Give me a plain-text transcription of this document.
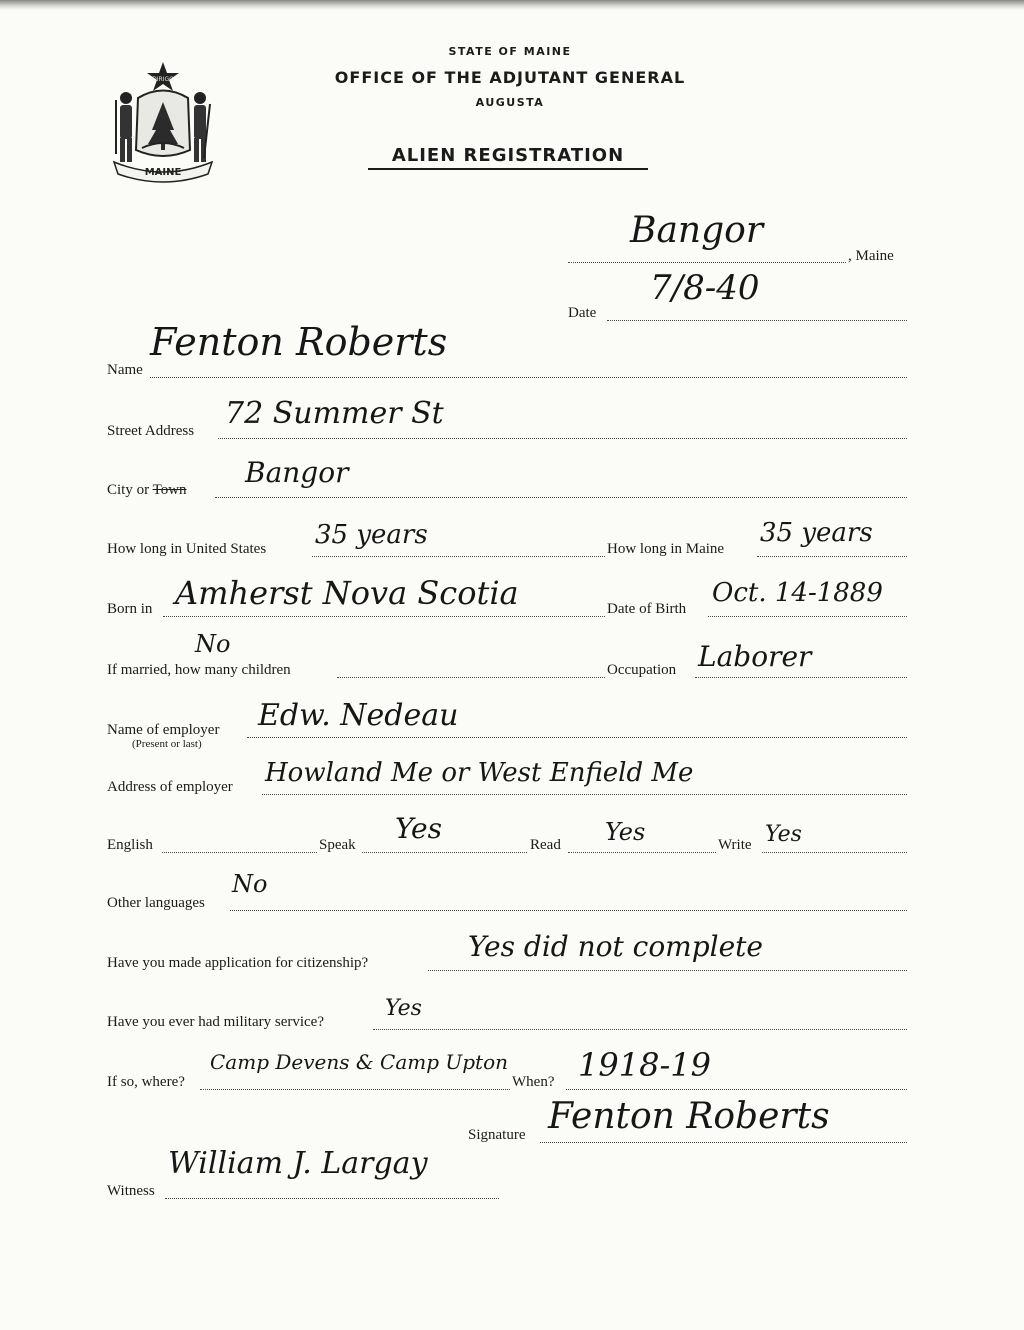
MAINE
DIRIGO
STATE OF MAINE
OFFICE OF THE ADJUTANT GENERAL
AUGUSTA
ALIEN REGISTRATION
Bangor
, Maine
Date
7/8-40
Name
Fenton Roberts
Street Address 72 Summer St
City or Town
Bangor
How long in United States 35 years	How long in Maine
35 years
Born in Amherst Nova Scotia	Date of Birth
Oct. 14-1889
If married, how many children
No
Occupation Laborer
Name of employer
(Present or last)
Edw. Nedeau
Address of employer Howland Me or West Enfield Me
English	Speak Yes	Read Yes	Write Yes
Other languages
No
Have you made application for citizenship?	Yes did not complete
Have you ever had military service?
Yes
If so, where?
Camp Devens & Camp Upton
When? 1918-19
Signature Fenton Roberts
Witness
William J. Largay
